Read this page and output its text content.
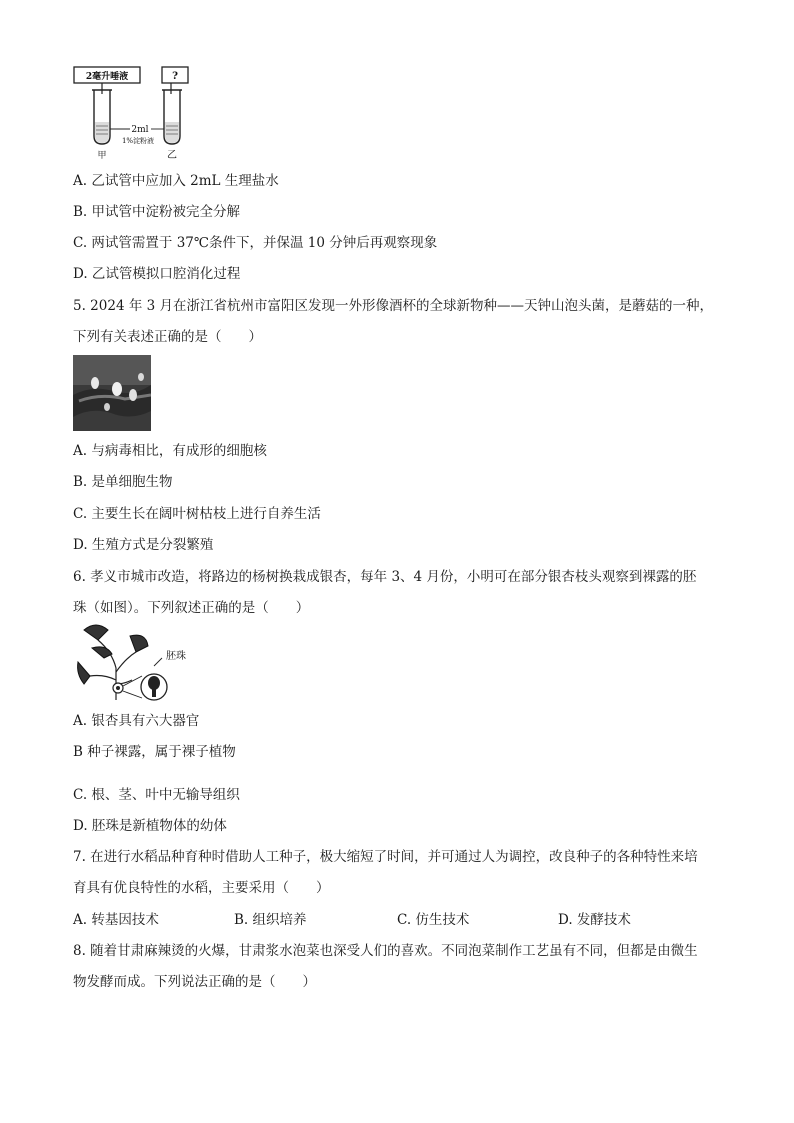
2毫升唾液	?
2ml
1%淀粉液
甲	乙
A. 乙试管中应加入 2mL 生理盐水
B. 甲试管中淀粉被完全分解
C. 两试管需置于 37℃条件下，并保温 10 分钟后再观察现象
D. 乙试管模拟口腔消化过程
5. 2024 年 3 月在浙江省杭州市富阳区发现一外形像酒杯的全球新物种——天钟山泡头菌，是蘑菇的一种，
下列有关表述正确的是（　　）
A. 与病毒相比，有成形的细胞核
B. 是单细胞生物
C. 主要生长在阔叶树枯枝上进行自养生活
D. 生殖方式是分裂繁殖
6. 孝义市城市改造，将路边的杨树换栽成银杏，每年 3、4 月份，小明可在部分银杏枝头观察到裸露的胚
珠（如图）。下列叙述正确的是（　　）
胚珠
A. 银杏具有六大器官
B 种子裸露，属于裸子植物
C. 根、茎、叶中无输导组织
D. 胚珠是新植物体的幼体
7. 在进行水稻品种育种时借助人工种子，极大缩短了时间，并可通过人为调控，改良种子的各种特性来培
育具有优良特性的水稻，主要采用（　　）
A. 转基因技术	B. 组织培养	C. 仿生技术	D. 发酵技术
8. 随着甘肃麻辣烫的火爆，甘肃浆水泡菜也深受人们的喜欢。不同泡菜制作工艺虽有不同，但都是由微生
物发酵而成。下列说法正确的是（　　）
